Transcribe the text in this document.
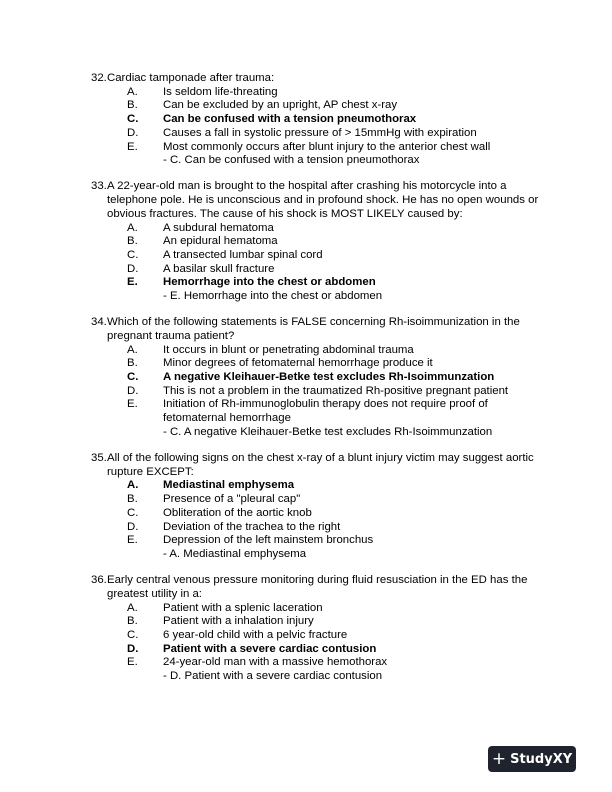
32. Cardiac tamponade after trauma:
A.	Is seldom life-threating
B.	Can be excluded by an upright, AP chest x-ray
C.	Can be confused with a tension pneumothorax
D.	Causes a fall in systolic pressure of > 15mmHg with expiration
E.	Most commonly occurs after blunt injury to the anterior chest wall
- C. Can be confused with a tension pneumothorax
33. A 22-year-old man is brought to the hospital after crashing his motorcycle into a telephone pole. He is unconscious and in profound shock. He has no open wounds or obvious fractures. The cause of his shock is MOST LIKELY caused by:
A.	A subdural hematoma
B.	An epidural hematoma
C.	A transected lumbar spinal cord
D.	A basilar skull fracture
E.	Hemorrhage into the chest or abdomen
- E. Hemorrhage into the chest or abdomen
34. Which of the following statements is FALSE concerning Rh-isoimmunization in the pregnant trauma patient?
A.	It occurs in blunt or penetrating abdominal trauma
B.	Minor degrees of fetomaternal hemorrhage produce it
C.	A negative Kleihauer-Betke test excludes Rh-Isoimmunzation
D.	This is not a problem in the traumatized Rh-positive pregnant patient
E.	Initiation of Rh-immunoglobulin therapy does not require proof of fetomaternal hemorrhage
- C. A negative Kleihauer-Betke test excludes Rh-Isoimmunzation
35. All of the following signs on the chest x-ray of a blunt injury victim may suggest aortic rupture EXCEPT:
A.	Mediastinal emphysema
B.	Presence of a "pleural cap"
C.	Obliteration of the aortic knob
D.	Deviation of the trachea to the right
E.	Depression of the left mainstem bronchus
- A. Mediastinal emphysema
36. Early central venous pressure monitoring during fluid resusciation in the ED has the greatest utility in a:
A.	Patient with a splenic laceration
B.	Patient with a inhalation injury
C.	6 year-old child with a pelvic fracture
D.	Patient with a severe cardiac contusion
E.	24-year-old man with a massive hemothorax
- D. Patient with a severe cardiac contusion
+ StudyXY
